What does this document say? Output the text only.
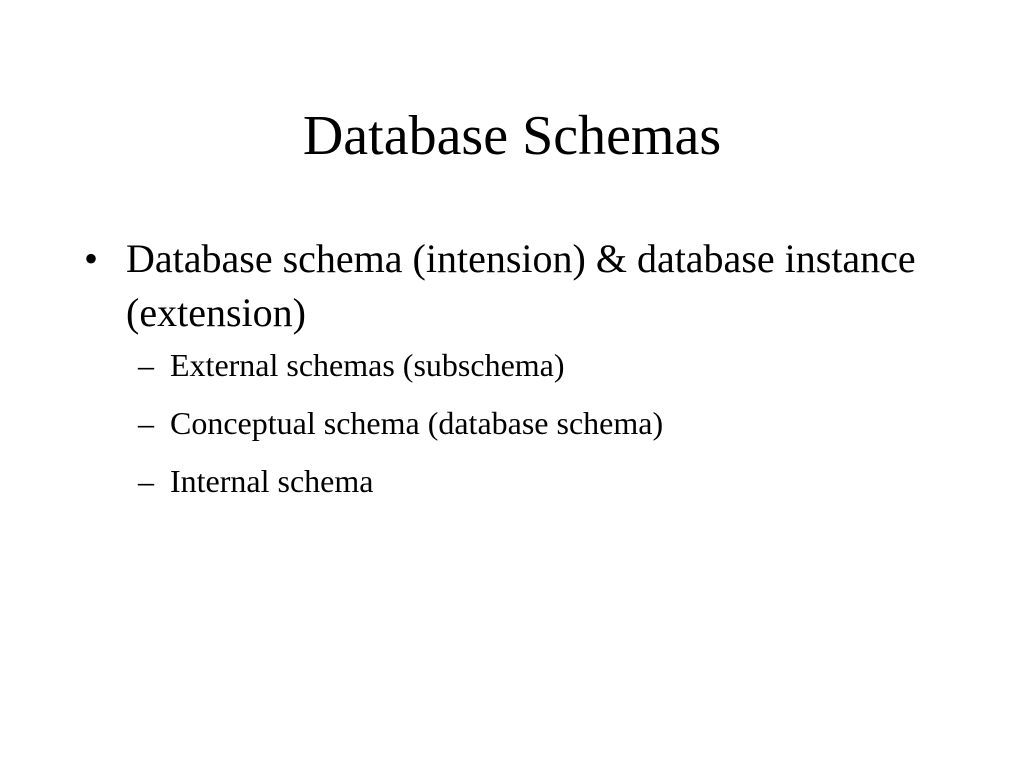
Database Schemas
• Database schema (intension) & database instance (extension)
– External schemas (subschema)
– Conceptual schema (database schema)
– Internal schema
